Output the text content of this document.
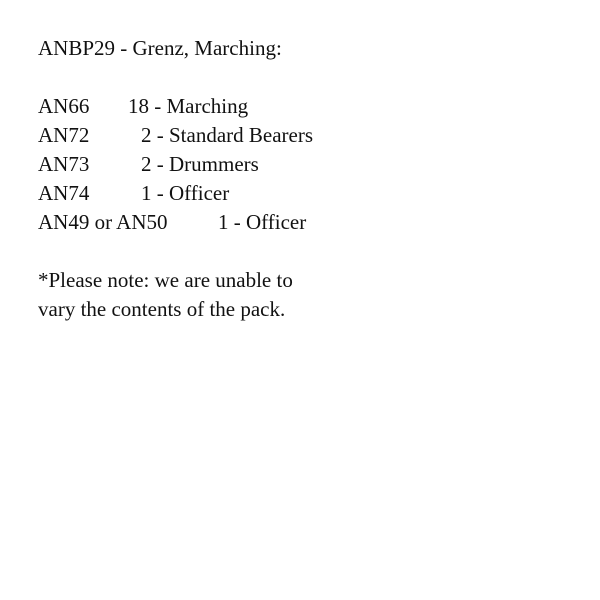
ANBP29 - Grenz, Marching:
AN66 18 - Marching
AN72 2 - Standard Bearers
AN73 2 - Drummers
AN74 1 - Officer
AN49 or AN50 1 - Officer
*Please note: we are unable to
vary the contents of the pack.
